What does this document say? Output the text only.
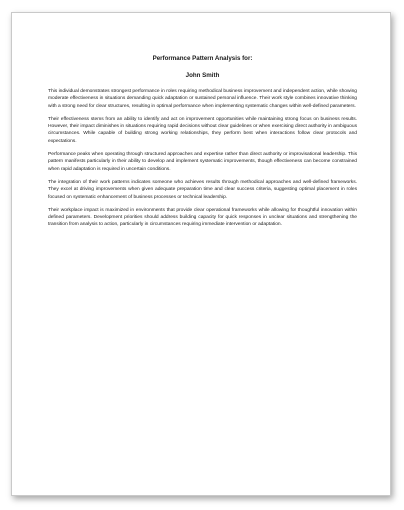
Performance Pattern Analysis for:

John Smith

This individual demonstrates strongest performance in roles requiring methodical business improvement and independent action, while showing moderate effectiveness in situations demanding quick adaptation or sustained personal influence. Their work style combines innovative thinking with a strong need for clear structures, resulting in optimal performance when implementing systematic changes within well-defined parameters.

Their effectiveness stems from an ability to identify and act on improvement opportunities while maintaining strong focus on business results. However, their impact diminishes in situations requiring rapid decisions without clear guidelines or when exercising direct authority in ambiguous circumstances. While capable of building strong working relationships, they perform best when interactions follow clear protocols and expectations.

Performance peaks when operating through structured approaches and expertise rather than direct authority or improvisational leadership. This pattern manifests particularly in their ability to develop and implement systematic improvements, though effectiveness can become constrained when rapid adaptation is required in uncertain conditions.

The integration of their work patterns indicates someone who achieves results through methodical approaches and well-defined frameworks. They excel at driving improvements when given adequate preparation time and clear success criteria, suggesting optimal placement in roles focused on systematic enhancement of business processes or technical leadership.

Their workplace impact is maximized in environments that provide clear operational frameworks while allowing for thoughtful innovation within defined parameters. Development priorities should address building capacity for quick responses in unclear situations and strengthening the transition from analysis to action, particularly in circumstances requiring immediate intervention or adaptation.
